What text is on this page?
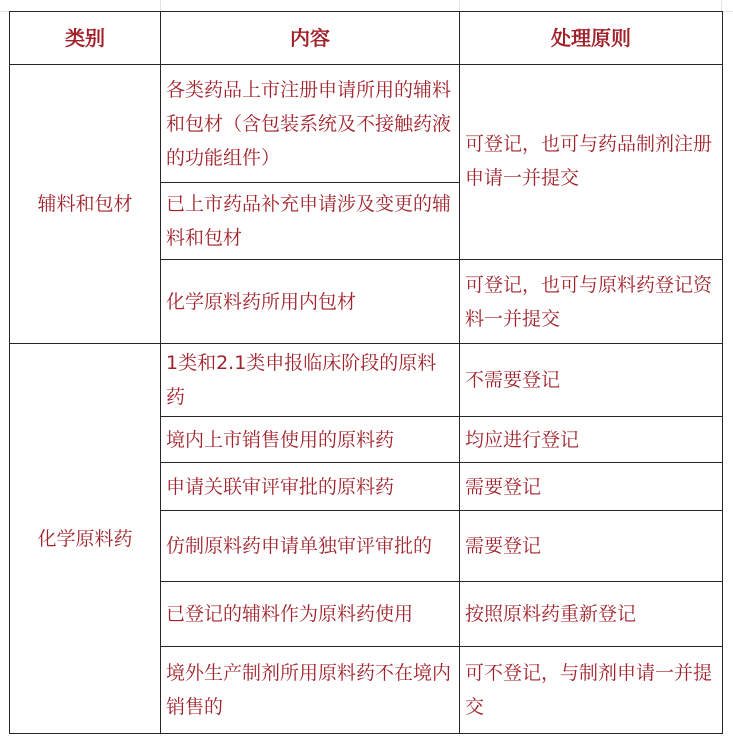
类别	内容	处理原则
辅料和包材	各类药品上市注册申请所用的辅料和包材（含包装系统及不接触药液的功能组件）	可登记，也可与药品制剂注册申请一并提交
	已上市药品补充申请涉及变更的辅料和包材	
	化学原料药所用内包材	可登记，也可与原料药登记资料一并提交
化学原料药	1类和2.1类申报临床阶段的原料药	不需要登记
	境内上市销售使用的原料药	均应进行登记
	申请关联审评审批的原料药	需要登记
	仿制原料药申请单独审评审批的	需要登记
	已登记的辅料作为原料药使用	按照原料药重新登记
	境外生产制剂所用原料药不在境内销售的	可不登记，与制剂申请一并提交
